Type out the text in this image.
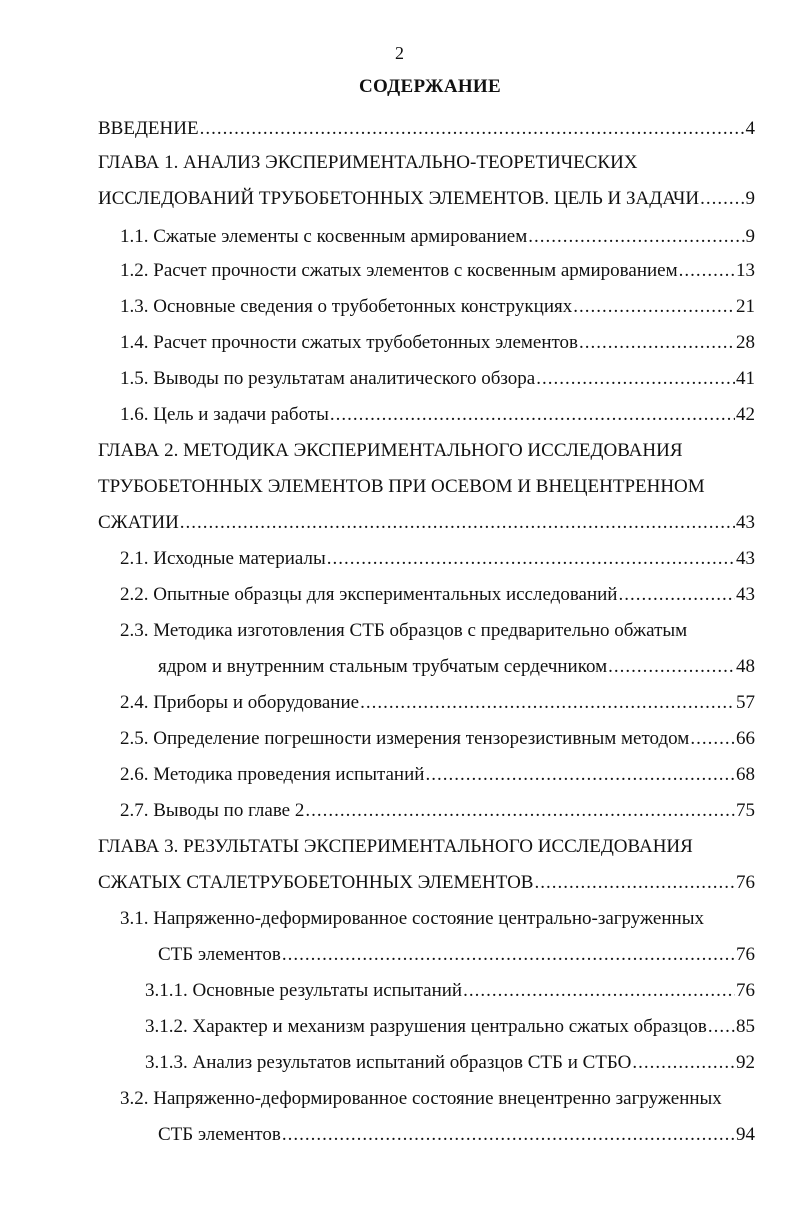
2
СОДЕРЖАНИЕ
ВВЕДЕНИЕ .....	4
ГЛАВА 1. АНАЛИЗ ЭКСПЕРИМЕНТАЛЬНО-ТЕОРЕТИЧЕСКИХ
ИССЛЕДОВАНИЙ ТРУБОБЕТОННЫХ ЭЛЕМЕНТОВ. ЦЕЛЬ И ЗАДАЧИ ..... 9
1.1. Сжатые элементы с косвенным армированием .....	9
1.2. Расчет прочности сжатых элементов с косвенным армированием .....	13
1.3. Основные сведения о трубобетонных конструкциях .....	21
1.4. Расчет прочности сжатых трубобетонных элементов .....	28
1.5. Выводы по результатам аналитического обзора .....	41
1.6. Цель и задачи работы .....	42
ГЛАВА 2. МЕТОДИКА ЭКСПЕРИМЕНТАЛЬНОГО ИССЛЕДОВАНИЯ
ТРУБОБЕТОННЫХ ЭЛЕМЕНТОВ ПРИ ОСЕВОМ И ВНЕЦЕНТРЕННОМ
СЖАТИИ .....	43
2.1. Исходные материалы .....	43
2.2. Опытные образцы для экспериментальных исследований .....	43
2.3. Методика изготовления СТБ образцов с предварительно обжатым
ядром и внутренним стальным трубчатым сердечником .....	48
2.4. Приборы и оборудование .....	57
2.5. Определение погрешности измерения тензорезистивным методом ..... 66
2.6. Методика проведения испытаний .....	68
2.7. Выводы по главе 2 .....	75
ГЛАВА 3. РЕЗУЛЬТАТЫ ЭКСПЕРИМЕНТАЛЬНОГО ИССЛЕДОВАНИЯ
СЖАТЫХ СТАЛЕТРУБОБЕТОННЫХ ЭЛЕМЕНТОВ .....	76
3.1. Напряженно-деформированное состояние центрально-загруженных
СТБ элементов .....	76
3.1.1. Основные результаты испытаний .....	76
3.1.2. Характер и механизм разрушения центрально сжатых образцов ..... 85
3.1.3. Анализ результатов испытаний образцов СТБ и СТБО .....	92
3.2. Напряженно-деформированное состояние внецентренно загруженных
СТБ элементов .....	94
